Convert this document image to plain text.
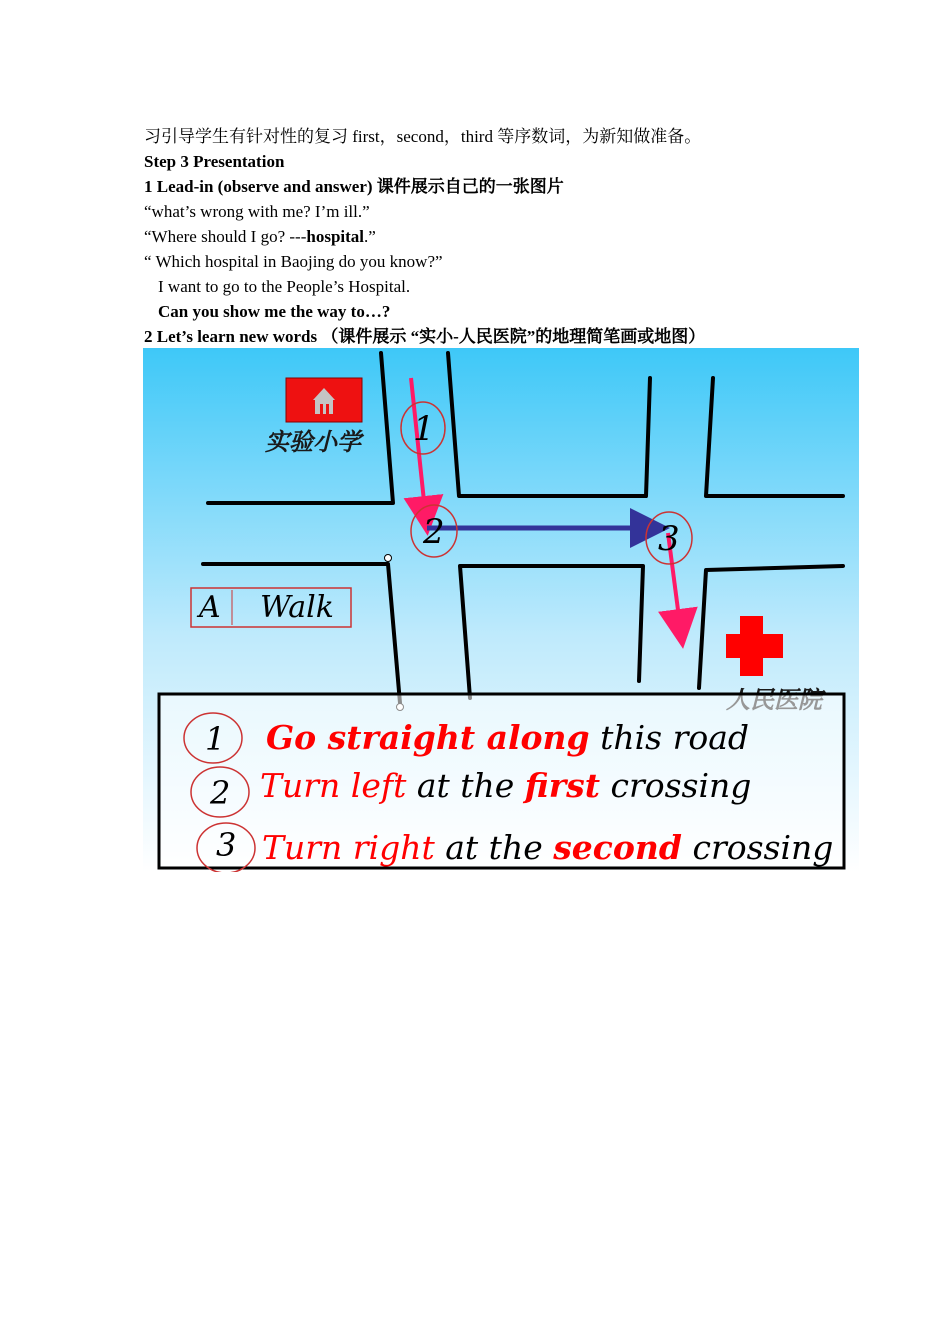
习引导学生有针对性的复习 first，second，third 等序数词，为新知做准备。
Step 3 Presentation
1 Lead-in (observe and answer) 课件展示自己的一张图片
“what’s wrong with me? I’m ill.”
“Where should I go? ---hospital.”
“ Which hospital in Baojing do you know?”
I want to go to the People’s Hospital.
Can you show me the way to…?
2 Let’s learn new words （课件展示 “实小-人民医院”的地理简笔画或地图）
实验小学
A Walk
1
2	3
1 Go straight along this road
2 Turn left at the first crossing
3 Turn right at the second crossing
